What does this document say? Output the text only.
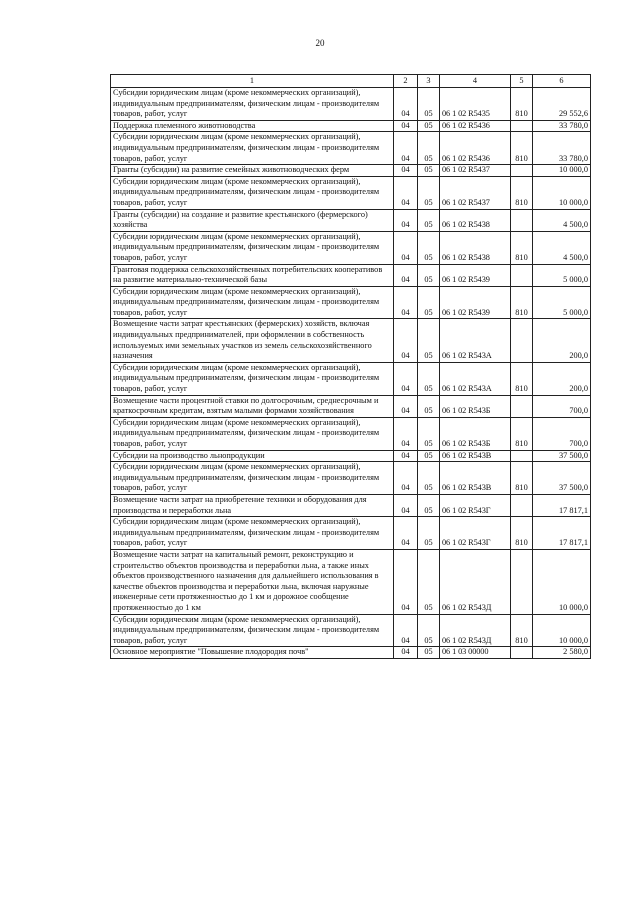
20
1	2	3	4	5	6
Субсидии юридическим лицам (кроме некоммерческих организаций), индивидуальным предпринимателям, физическим лицам - производителям товаров, работ, услуг	04	05	06 1 02 R5435	810	29 552,6
Поддержка племенного животноводства	04	05	06 1 02 R5436		33 780,0
Субсидии юридическим лицам (кроме некоммерческих организаций), индивидуальным предпринимателям, физическим лицам - производителям товаров, работ, услуг	04	05	06 1 02 R5436	810	33 780,0
Гранты (субсидии) на развитие семейных животноводческих ферм	04	05	06 1 02 R5437		10 000,0
Субсидии юридическим лицам (кроме некоммерческих организаций), индивидуальным предпринимателям, физическим лицам - производителям товаров, работ, услуг	04	05	06 1 02 R5437	810	10 000,0
Гранты (субсидии) на создание и развитие крестьянского (фермерского) хозяйства	04	05	06 1 02 R5438		4 500,0
Субсидии юридическим лицам (кроме некоммерческих организаций), индивидуальным предпринимателям, физическим лицам - производителям товаров, работ, услуг	04	05	06 1 02 R5438	810	4 500,0
Грантовая поддержка сельскохозяйственных потребительских кооперативов на развитие материально-технической базы	04	05	06 1 02 R5439		5 000,0
Субсидии юридическим лицам (кроме некоммерческих организаций), индивидуальным предпринимателям, физическим лицам - производителям товаров, работ, услуг	04	05	06 1 02 R5439	810	5 000,0
Возмещение части затрат крестьянских (фермерских) хозяйств, включая индивидуальных предпринимателей, при оформлении в собственность используемых ими земельных участков из земель сельскохозяйственного назначения	04	05	06 1 02 R543А		200,0
Субсидии юридическим лицам (кроме некоммерческих организаций), индивидуальным предпринимателям, физическим лицам - производителям товаров, работ, услуг	04	05	06 1 02 R543А	810	200,0
Возмещение части процентной ставки по долгосрочным, среднесрочным и краткосрочным кредитам, взятым малыми формами хозяйствования	04	05	06 1 02 R543Б		700,0
Субсидии юридическим лицам (кроме некоммерческих организаций), индивидуальным предпринимателям, физическим лицам - производителям товаров, работ, услуг	04	05	06 1 02 R543Б	810	700,0
Субсидии на производство льнопродукции	04	05	06 1 02 R543В		37 500,0
Субсидии юридическим лицам (кроме некоммерческих организаций), индивидуальным предпринимателям, физическим лицам - производителям товаров, работ, услуг	04	05	06 1 02 R543В	810	37 500,0
Возмещение части затрат на приобретение техники и оборудования для производства и переработки льна	04	05	06 1 02 R543Г		17 817,1
Субсидии юридическим лицам (кроме некоммерческих организаций), индивидуальным предпринимателям, физическим лицам - производителям товаров, работ, услуг	04	05	06 1 02 R543Г	810	17 817,1
Возмещение части затрат на капитальный ремонт, реконструкцию и строительство объектов производства и переработки льна, а также иных объектов производственного назначения для дальнейшего использования в качестве объектов производства и переработки льна, включая наружные инженерные сети протяженностью до 1 км и дорожное сообщение протяженностью до 1 км	04	05	06 1 02 R543Д		10 000,0
Субсидии юридическим лицам (кроме некоммерческих организаций), индивидуальным предпринимателям, физическим лицам - производителям товаров, работ, услуг	04	05	06 1 02 R543Д	810	10 000,0
Основное мероприятие "Повышение плодородия почв"	04	05	06 1 03 00000		2 580,0
